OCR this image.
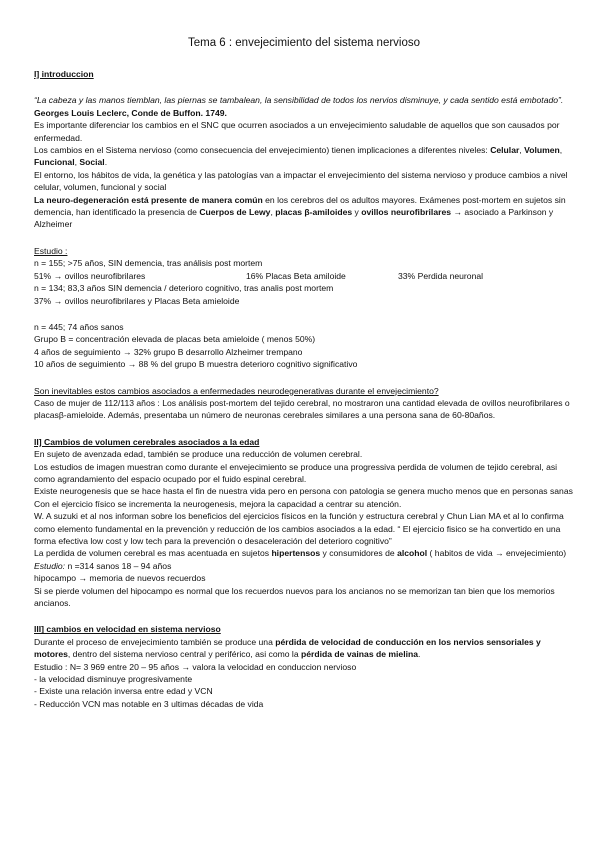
Tema 6 : envejecimiento del sistema nervioso

I] introduccion

“La cabeza y las manos tiemblan, las piernas se tambalean, la sensibilidad de todos los nervios disminuye, y cada sentido está embotado”. Georges Louis Leclerc, Conde de Buffon. 1749.

Es importante diferenciar los cambios en el SNC que ocurren asociados a un envejecimiento saludable de aquellos que son causados por enfermedad.

Los cambios en el Sistema nervioso (como consecuencia del envejecimiento) tienen implicaciones a diferentes niveles: Celular, Volumen, Funcional, Social.

El entorno, los hábitos de vida, la genética y las patologías van a impactar el envejecimiento del sistema nervioso y produce cambios a nivel celular, volumen, funcional y social

La neuro-degeneración está presente de manera común en los cerebros del os adultos mayores. Exámenes post-mortem en sujetos sin demencia, han identificado la presencia de Cuerpos de Lewy, placas β-amiloides y ovillos neurofibrilares → asociado a Parkinson y Alzheimer

Estudio :

n = 155; >75 años, SIN demencia, tras análisis post mortem

51% → ovillos neurofibrilares	16% Placas Beta amiloide	33% Perdida neuronal

n = 134; 83,3 años SIN demencia / deterioro cognitivo, tras analis post mortem

37% → ovillos neurofibrilares y Placas Beta amieloide

n = 445; 74 años sanos

Grupo B = concentración elevada de placas beta amieloide ( menos 50%)

4 años de seguimiento → 32% grupo B desarrollo Alzheimer trempano

10 años de seguimiento → 88 % del grupo B muestra deterioro cognitivo significativo

Son inevitables estos cambios asociados a enfermedades neurodegenerativas durante el envejecimiento?

Caso de mujer de 112/113 años : Los análisis post-mortem del tejido cerebral, no mostraron una cantidad elevada de ovillos neurofibrilares o placasβ-amieloide. Además, presentaba un número de neuronas cerebrales similares a una persona sana de 60-80años.

II] Cambios de volumen cerebrales asociados a la edad

En sujeto de avenzada edad, también se produce una reducción de volumen cerebral.

Los estudios de imagen muestran como durante el envejecimiento se produce una progressiva perdida de volumen de tejido cerebral, asi como agrandamiento del espacio ocupado por el fuido espinal cerebral.

Existe neurogenesis que se hace hasta el fin de nuestra vida pero en persona con patologia se genera mucho menos que en personas sanas

Con el ejercicio físico se incrementa la neurogenesis, mejora la capacidad a centrar su atención.

W. A suzuki et al nos informan sobre los beneficios del ejercicios físicos en la función y estructura cerebral y Chun Lian MA et al lo confirma como elemento fundamental en la prevención y reducción de los cambios asociados a la edad. “ El ejercicio fisico se ha convertido en una forma efectiva low cost y low tech para la prevención o desaceleración del deterioro cognitivo”

La perdida de volumen cerebral es mas acentuada en sujetos hipertensos y consumidores de alcohol ( habitos de vida → envejecimiento)

Estudio: n =314 sanos 18 – 94 años

hipocampo → memoria de nuevos recuerdos

Si se pierde volumen del hipocampo es normal que los recuerdos nuevos para los ancianos no se memorizan tan bien que los memorios ancianos.

III] cambios en velocidad en sistema nervioso

Durante el proceso de envejecimiento también se produce una pérdida de velocidad de conducción en los nervios sensoriales y motores, dentro del sistema nervioso central y periférico, asi como la pérdida de vainas de mielina.

Estudio : N= 3 969 entre 20 – 95 años → valora la velocidad en conduccion nervioso

- la velocidad disminuye progresivamente

- Existe una relación inversa entre edad y VCN

- Reducción VCN mas notable en 3 ultimas décadas de vida
